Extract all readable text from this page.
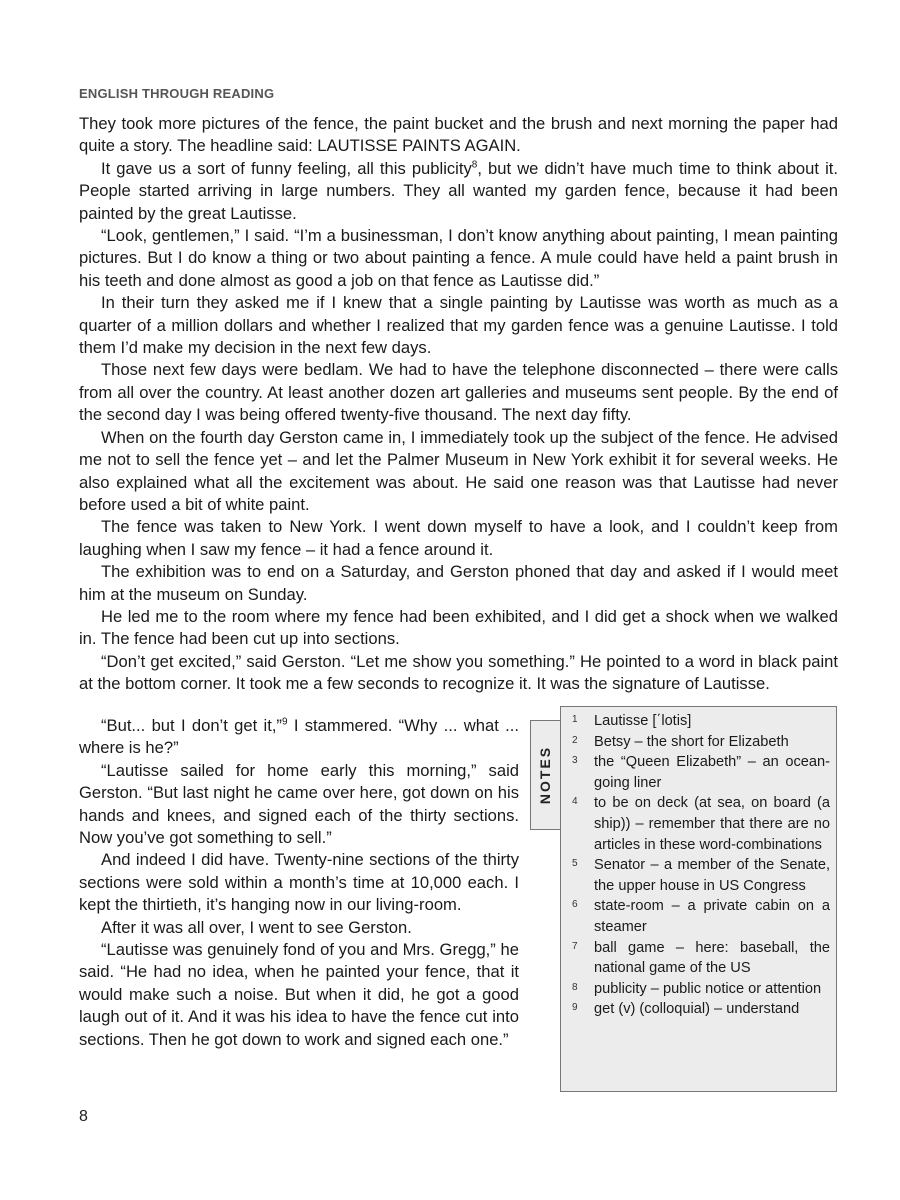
ENGLISH THROUGH READING

They took more pictures of the fence, the paint bucket and the brush and next morning the paper had quite a story. The headline said: LAUTISSE PAINTS AGAIN.

It gave us a sort of funny feeling, all this publicity$^8$, but we didn’t have much time to think about it. People started arriving in large numbers. They all wanted my garden fence, because it had been painted by the great Lautisse.

“Look, gentlemen,” I said. “I’m a businessman, I don’t know anything about painting, I mean painting pictures. But I do know a thing or two about painting a fence. A mule could have held a paint brush in his teeth and done almost as good a job on that fence as Lautisse did.”

In their turn they asked me if I knew that a single painting by Lautisse was worth as much as a quarter of a million dollars and whether I realized that my garden fence was a genuine Lautisse. I told them I’d make my decision in the next few days.

Those next few days were bedlam. We had to have the telephone disconnected – there were calls from all over the country. At least another dozen art galleries and museums sent people. By the end of the second day I was being offered twenty-five thousand. The next day fifty.

When on the fourth day Gerston came in, I immediately took up the subject of the fence. He advised me not to sell the fence yet – and let the Palmer Museum in New York exhibit it for several weeks. He also explained what all the excitement was about. He said one reason was that Lautisse had never before used a bit of white paint.

The fence was taken to New York. I went down myself to have a look, and I couldn’t keep from laughing when I saw my fence – it had a fence around it.

The exhibition was to end on a Saturday, and Gerston phoned that day and asked if I would meet him at the museum on Sunday.

He led me to the room where my fence had been exhibited, and I did get a shock when we walked in. The fence had been cut up into sections.

“Don’t get excited,” said Gerston. “Let me show you something.” He pointed to a word in black paint at the bottom corner. It took me a few seconds to recognize it. It was the signature of Lautisse.

“But... but I don’t get it,”$^9$ I stammered. “Why ... what ... where is he?”

“Lautisse sailed for home early this morning,” said Gerston. “But last night he came over here, got down on his hands and knees, and signed each of the thirty sections. Now you’ve got something to sell.”

And indeed I did have. Twenty-nine sections of the thirty sections were sold within a month’s time at 10,000 each. I kept the thirtieth, it’s hanging now in our living-room.

After it was all over, I went to see Gerston.

“Lautisse was genuinely fond of you and Mrs. Gregg,” he said. “He had no idea, when he painted your fence, that it would make such a noise. But when it did, he got a good laugh out of it. And it was his idea to have the fence cut into sections. Then he got down to work and signed each one.”

NOTES
1 Lautisse [΄lotis]
2 Betsy – the short for Elizabeth
3 the “Queen Elizabeth” – an ocean-going liner
4 to be on deck (at sea, on board (a ship)) – remember that there are no articles in these word-combinations
5 Senator – a member of the Senate, the upper house in US Congress
6 state-room – a private cabin on a steamer
7 ball game – here: baseball, the national game of the US
8 publicity – public notice or attention
9 get (v) (colloquial) – understand
8
